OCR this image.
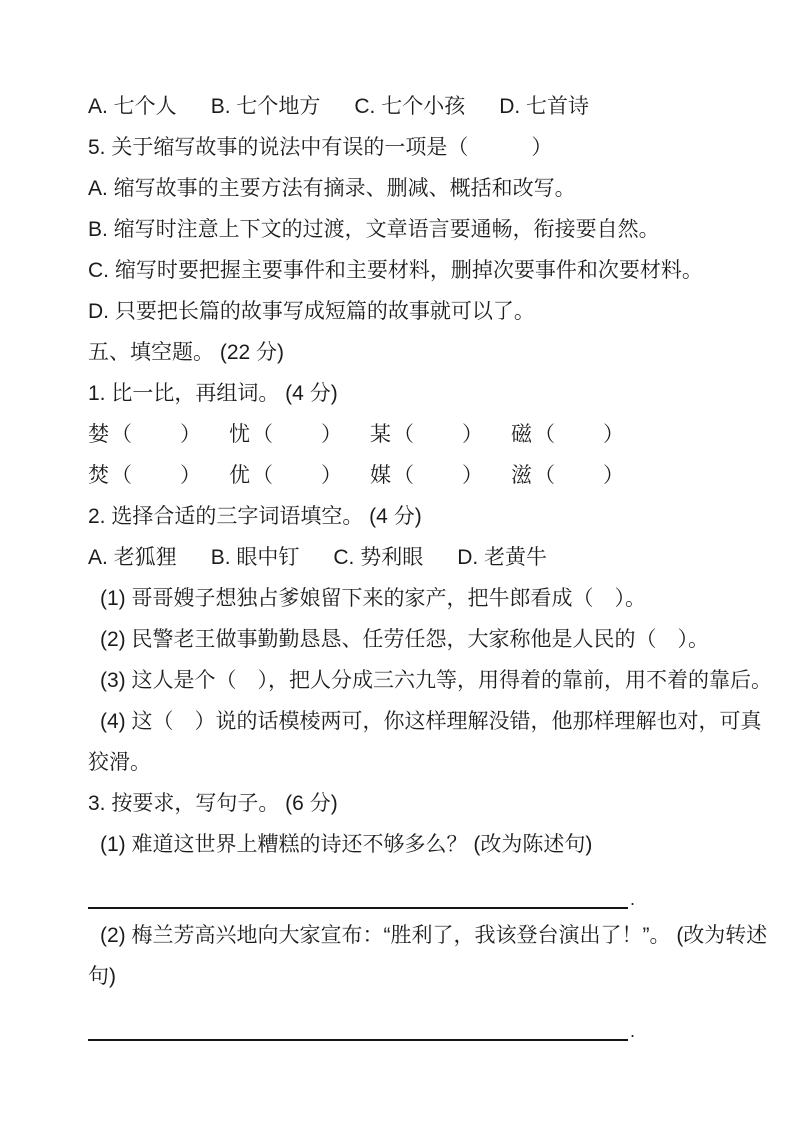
A. 七个人 B. 七个地方 C. 七个小孩 D. 七首诗
5. 关于缩写故事的说法中有误的一项是（　　　）
A. 缩写故事的主要方法有摘录、删减、概括和改写。
B. 缩写时注意上下文的过渡，文章语言要通畅，衔接要自然。
C. 缩写时要把握主要事件和主要材料，删掉次要事件和次要材料。
D. 只要把长篇的故事写成短篇的故事就可以了。
五、填空题。 (22 分)
1. 比一比，再组词。 (4 分)
婪（　　） 忧（　　） 某（　　） 磁（　　）
焚（　　） 优（　　） 媒（　　） 滋（　　）
2. 选择合适的三字词语填空。 (4 分)
A. 老狐狸 B. 眼中钉 C. 势利眼 D. 老黄牛
(1) 哥哥嫂子想独占爹娘留下来的家产，把牛郎看成（　）。
(2) 民警老王做事勤勤恳恳、任劳任怨，大家称他是人民的（　）。
(3) 这人是个（　），把人分成三六九等，用得着的靠前，用不着的靠后。
(4) 这（　）说的话模棱两可，你这样理解没错，他那样理解也对，可真狡滑。
3. 按要求，写句子。 (6 分)
(1) 难道这世界上糟糕的诗还不够多么？ (改为陈述句)
.
(2) 梅兰芳高兴地向大家宣布：“胜利了，我该登台演出了！”。 (改为转述句)
.
